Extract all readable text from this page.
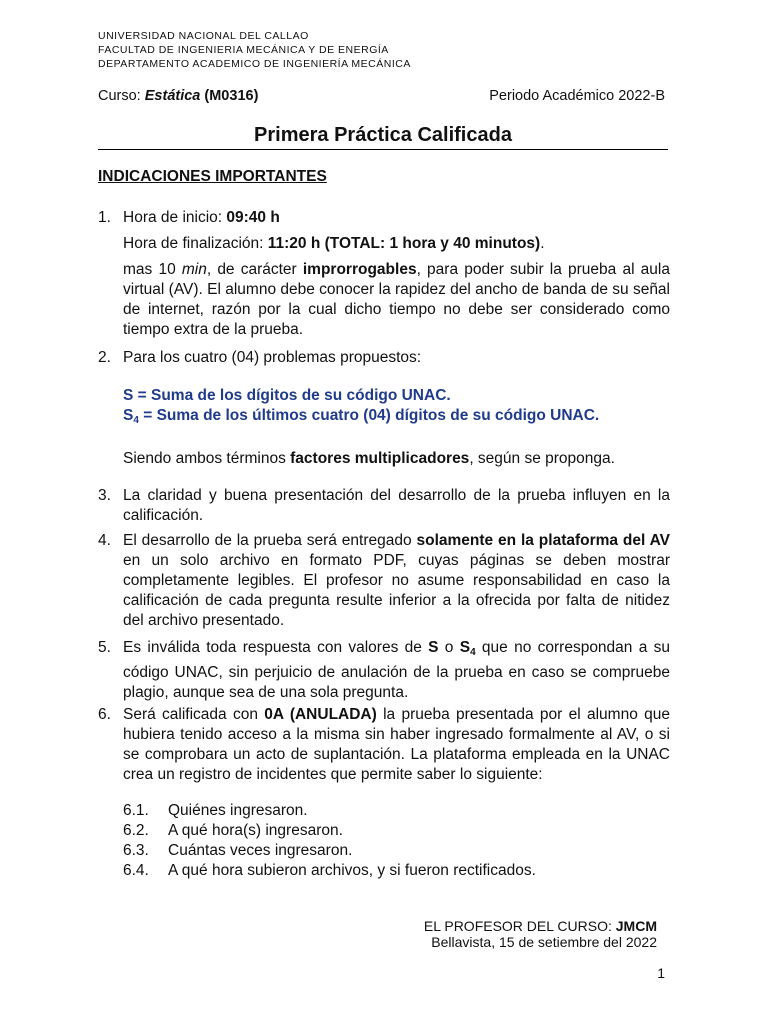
UNIVERSIDAD NACIONAL DEL CALLAO
FACULTAD DE INGENIERIA MECÁNICA Y DE ENERGÍA
DEPARTAMENTO ACADEMICO DE INGENIERÍA MECÁNICA
Curso: Estática (M0316)	Periodo Académico 2022-B
Primera Práctica Calificada
INDICACIONES IMPORTANTES
1. Hora de inicio: 09:40 h
Hora de finalización: 11:20 h (TOTAL: 1 hora y 40 minutos).
mas 10 min, de carácter improrrogables, para poder subir la prueba al aula virtual (AV). El alumno debe conocer la rapidez del ancho de banda de su señal de internet, razón por la cual dicho tiempo no debe ser considerado como tiempo extra de la prueba.
2. Para los cuatro (04) problemas propuestos:
S = Suma de los dígitos de su código UNAC.
$S_4$ = Suma de los últimos cuatro (04) dígitos de su código UNAC.
Siendo ambos términos factores multiplicadores, según se proponga.
3. La claridad y buena presentación del desarrollo de la prueba influyen en la calificación.
4. El desarrollo de la prueba será entregado solamente en la plataforma del AV en un solo archivo en formato PDF, cuyas páginas se deben mostrar completamente legibles. El profesor no asume responsabilidad en caso la calificación de cada pregunta resulte inferior a la ofrecida por falta de nitidez del archivo presentado.
5. Es inválida toda respuesta con valores de S o $S_4$ que no correspondan a su código UNAC, sin perjuicio de anulación de la prueba en caso se compruebe plagio, aunque sea de una sola pregunta.
6. Será calificada con 0A (ANULADA) la prueba presentada por el alumno que hubiera tenido acceso a la misma sin haber ingresado formalmente al AV, o si se comprobara un acto de suplantación. La plataforma empleada en la UNAC crea un registro de incidentes que permite saber lo siguiente:
6.1. Quiénes ingresaron.
6.2. A qué hora(s) ingresaron.
6.3. Cuántas veces ingresaron.
6.4. A qué hora subieron archivos, y si fueron rectificados.
EL PROFESOR DEL CURSO: JMCM
Bellavista, 15 de setiembre del 2022
1
